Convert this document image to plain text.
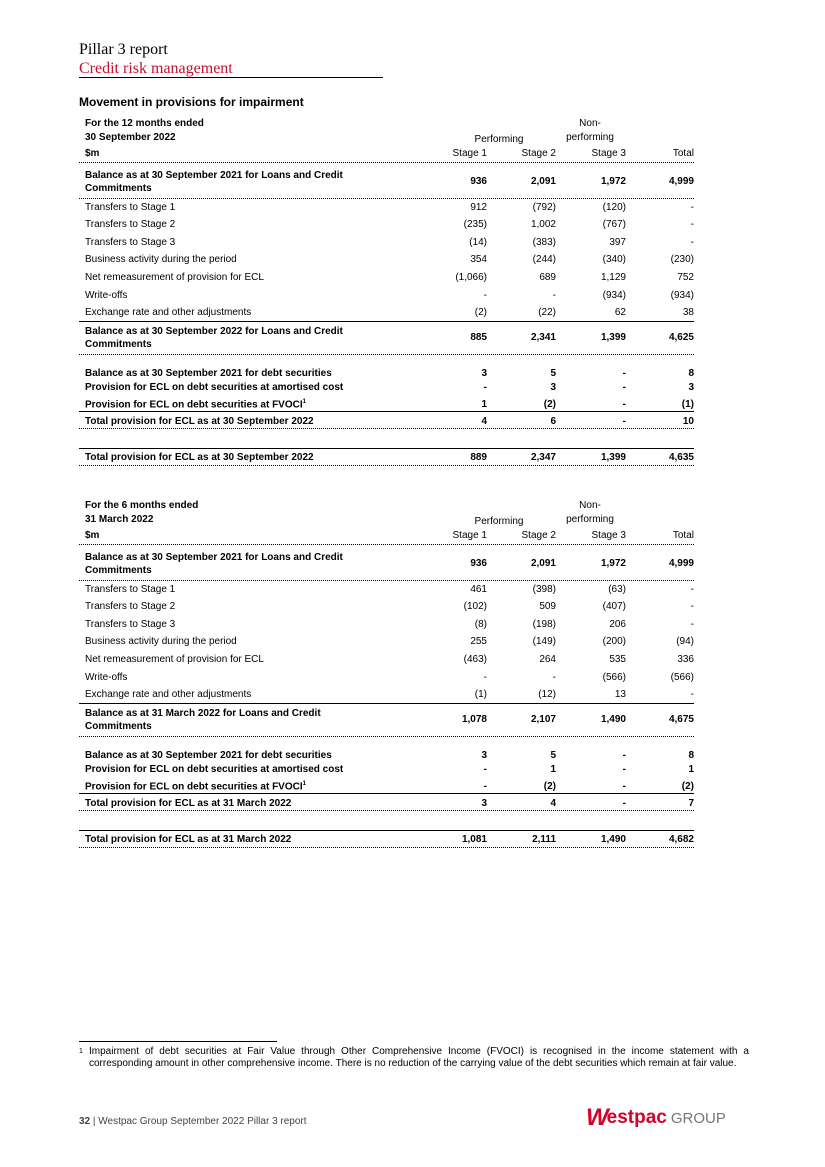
Pillar 3 report
Credit risk management
Movement in provisions for impairment
For the 12 months ended	Non-
30 September 2022	Performing	performing
$m	Stage 1	Stage 2	Stage 3	Total
Balance as at 30 September 2021 for Loans and Credit
Commitments
936	2,091	1,972	4,999
Transfers to Stage 1	912	(792)	(120)	-
Transfers to Stage 2	(235)	1,002	(767)	-
Transfers to Stage 3	(14)	(383)	397	-
Business activity during the period	354	(244)	(340)	(230)
Net remeasurement of provision for ECL	(1,066)	689	1,129	752
Write-offs	-	-	(934)	(934)
Exchange rate and other adjustments	(2)	(22)	62	38
Balance as at 30 September 2022 for Loans and Credit
Commitments
885	2,341	1,399	4,625
Balance as at 30 September 2021 for debt securities	3	5	-	8
Provision for ECL on debt securities at amortised cost	-	3	-	3
Provision for ECL on debt securities at FVOCI$^1$	1	(2)	-	(1)
Total provision for ECL as at 30 September 2022	4	6	-	10
Total provision for ECL as at 30 September 2022	889	2,347	1,399	4,635
For the 6 months ended	Non-
31 March 2022	Performing	performing
$m	Stage 1	Stage 2	Stage 3	Total
Balance as at 30 September 2021 for Loans and Credit
Commitments
936	2,091	1,972	4,999
Transfers to Stage 1	461	(398)	(63)	-
Transfers to Stage 2	(102)	509	(407)	-
Transfers to Stage 3	(8)	(198)	206	-
Business activity during the period	255	(149)	(200)	(94)
Net remeasurement of provision for ECL	(463)	264	535	336
Write-offs	-	-	(566)	(566)
Exchange rate and other adjustments	(1)	(12)	13	-
Balance as at 31 March 2022 for Loans and Credit
Commitments
1,078	2,107	1,490	4,675
Balance as at 30 September 2021 for debt securities	3	5	-	8
Provision for ECL on debt securities at amortised cost	-	1	-	1
Provision for ECL on debt securities at FVOCI$^1$	-	(2)	-	(2)
Total provision for ECL as at 31 March 2022	3	4	-	7
Total provision for ECL as at 31 March 2022	1,081	2,111	1,490	4,682
1 Impairment of debt securities at Fair Value through Other Comprehensive Income (FVOCI) is recognised in the income statement with a corresponding amount in other comprehensive income. There is no reduction of the carrying value of the debt securities which remain at fair value.
32 | Westpac Group September 2022 Pillar 3 report	W estpac GROUP
